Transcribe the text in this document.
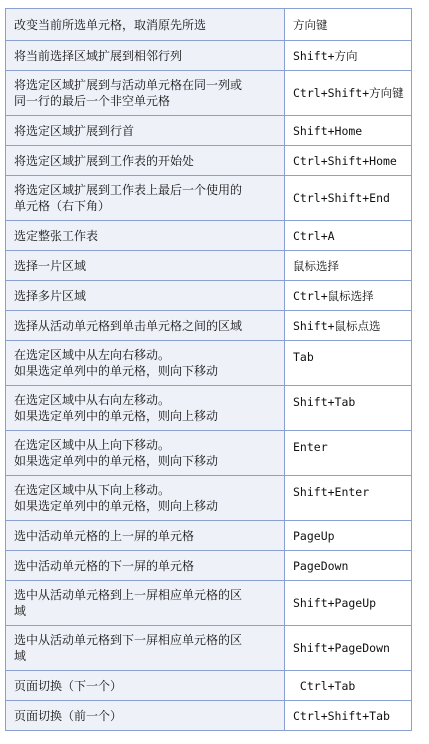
改变当前所选单元格，取消原先所选	方向键

将当前选择区域扩展到相邻行列	Shift+方向

将选定区域扩展到与活动单元格在同一列或
同一行的最后一个非空单元格	Ctrl+Shift+方向键

将选定区域扩展到行首	Shift+Home

将选定区域扩展到工作表的开始处	Ctrl+Shift+Home

将选定区域扩展到工作表上最后一个使用的
单元格（右下角）	Ctrl+Shift+End

选定整张工作表	Ctrl+A

选择一片区域	鼠标选择

选择多片区域	Ctrl+鼠标选择

选择从活动单元格到单击单元格之间的区域	Shift+鼠标点选

在选定区域中从左向右移动。
如果选定单列中的单元格，则向下移动	Tab

在选定区域中从右向左移动。
如果选定单列中的单元格，则向上移动	Shift+Tab

在选定区域中从上向下移动。
如果选定单列中的单元格，则向下移动	Enter

在选定区域中从下向上移动。
如果选定单列中的单元格，则向上移动	Shift+Enter

选中活动单元格的上一屏的单元格	PageUp

选中活动单元格的下一屏的单元格	PageDown

选中从活动单元格到上一屏相应单元格的区
域	Shift+PageUp

选中从活动单元格到下一屏相应单元格的区
域	Shift+PageDown

页面切换（下一个）	Ctrl+Tab

页面切换（前一个）	Ctrl+Shift+Tab
